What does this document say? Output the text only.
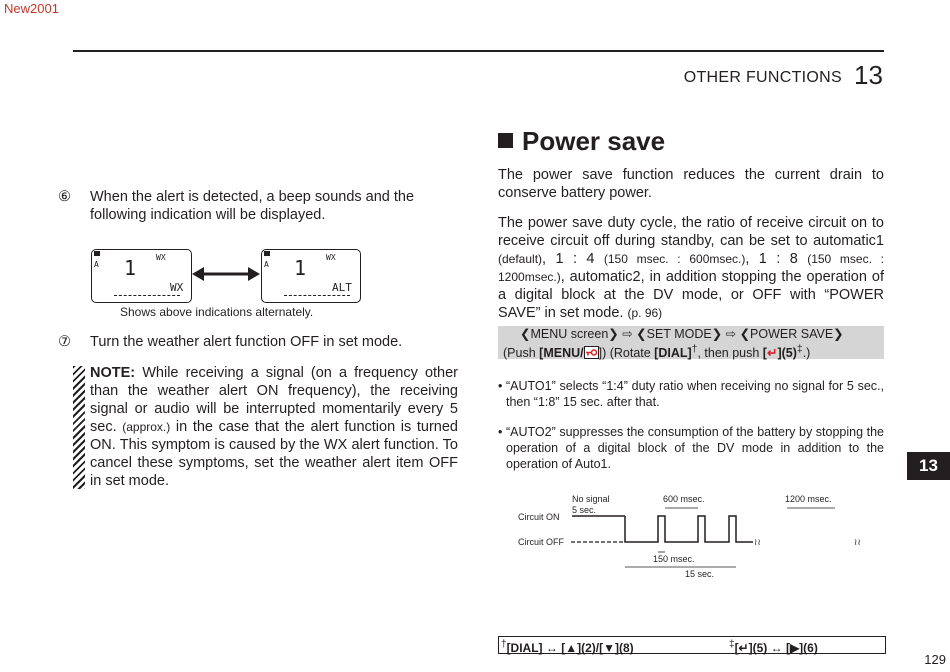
New2001
OTHER FUNCTIONS 13
13
129
⑥ When the alert is detected, a beep sounds and the following indication will be displayed.
A
WX
1
WX
A
WX
1
ALT
Shows above indications alternately.
⑦ Turn the weather alert function OFF in set mode.
NOTE: While receiving a signal (on a frequency other than the weather alert ON frequency), the receiving signal or audio will be interrupted momentarily every 5 sec. (approx.) in the case that the alert function is turned ON. This symptom is caused by the WX alert function. To cancel these symptoms, set the weather alert item OFF in set mode.
Power save
The power save function reduces the current drain to conserve battery power.
The power save duty cycle, the ratio of receive circuit on to receive circuit off during standby, can be set to automatic1 (default), 1 : 4 (150 msec. : 600msec.), 1 : 8 (150 msec. : 1200msec.), automatic2, in addition stopping the operation of a digital block at the DV mode, or OFF with “POWER SAVE” in set mode. (p. 96)
❮MENU screen❯ ⇨ ❮SET MODE❯ ⇨ ❮POWER SAVE❯
(Push [MENU/ ]) (Rotate [DIAL]†, then push [↵](5)‡.)
• “AUTO1” selects “1:4” duty ratio when receiving no signal for 5 sec., then “1:8” 15 sec. after that.
• “AUTO2” suppresses the consumption of the battery by stopping the operation of a digital block of the DV mode in addition to the operation of Auto1.
Circuit ON
Circuit OFF
No signal
5 sec.
600 msec.	1200 msec.
150 msec.
15 sec.
≀≀	≀≀
†[DIAL] ↔ [▲](2)/[▼](8)	‡[↵](5) ↔ [▶](6)
